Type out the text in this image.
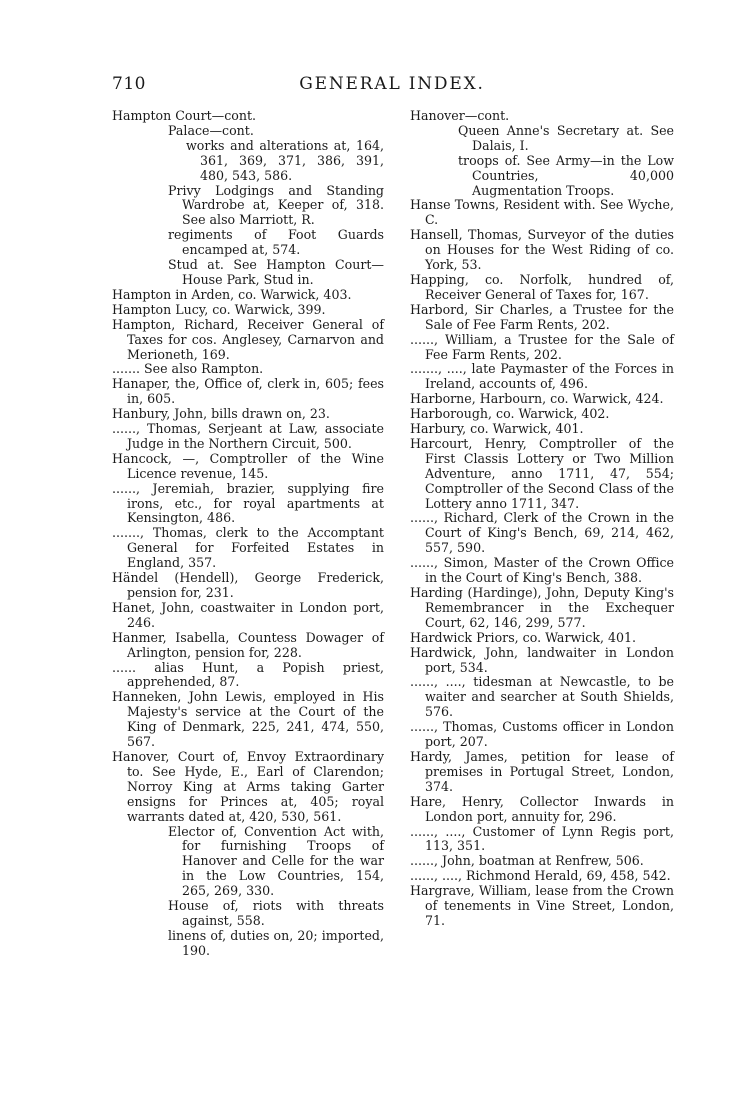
710	GENERAL INDEX.

Hampton Court—cont.

Palace—cont.

works and alterations at, 164, 361, 369, 371, 386, 391, 480, 543, 586.

Privy Lodgings and Standing Wardrobe at, Keeper of, 318. See also Marriott, R.

regiments of Foot Guards encamped at, 574.

Stud at. See Hampton Court—House Park, Stud in.

Hampton in Arden, co. Warwick, 403.

Hampton Lucy, co. Warwick, 399.

Hampton, Richard, Receiver General of Taxes for cos. Anglesey, Carnarvon and Merioneth, 169.

....... See also Rampton.

Hanaper, the, Office of, clerk in, 605; fees in, 605.

Hanbury, John, bills drawn on, 23.

......, Thomas, Serjeant at Law, associate Judge in the Northern Circuit, 500.

Hancock, —, Comptroller of the Wine Licence revenue, 145.

......, Jeremiah, brazier, supplying fire irons, etc., for royal apartments at Kensington, 486.

......., Thomas, clerk to the Accomptant General for Forfeited Estates in England, 357.

Händel (Hendell), George Frederick, pension for, 231.

Hanet, John, coastwaiter in London port, 246.

Hanmer, Isabella, Countess Dowager of Arlington, pension for, 228.

...... alias Hunt, a Popish priest, apprehended, 87.

Hanneken, John Lewis, employed in His Majesty's service at the Court of the King of Denmark, 225, 241, 474, 550, 567.

Hanover, Court of, Envoy Extraordinary to. See Hyde, E., Earl of Clarendon; Norroy King at Arms taking Garter ensigns for Princes at, 405; royal warrants dated at, 420, 530, 561.

Elector of, Convention Act with, for furnishing Troops of Hanover and Celle for the war in the Low Countries, 154, 265, 269, 330.

House of, riots with threats against, 558.

linens of, duties on, 20; imported, 190.

Hanover—cont.

Queen Anne's Secretary at. See Dalais, I.

troops of. See Army—in the Low Countries, 40,000 Augmentation Troops.

Hanse Towns, Resident with. See Wyche, C.

Hansell, Thomas, Surveyor of the duties on Houses for the West Riding of co. York, 53.

Happing, co. Norfolk, hundred of, Receiver General of Taxes for, 167.

Harbord, Sir Charles, a Trustee for the Sale of Fee Farm Rents, 202.

......, William, a Trustee for the Sale of Fee Farm Rents, 202.

......., ...., late Paymaster of the Forces in Ireland, accounts of, 496.

Harborne, Harbourn, co. Warwick, 424.

Harborough, co. Warwick, 402.

Harbury, co. Warwick, 401.

Harcourt, Henry, Comptroller of the First Classis Lottery or Two Million Adventure, anno 1711, 47, 554; Comptroller of the Second Class of the Lottery anno 1711, 347.

......, Richard, Clerk of the Crown in the Court of King's Bench, 69, 214, 462, 557, 590.

......, Simon, Master of the Crown Office in the Court of King's Bench, 388.

Harding (Hardinge), John, Deputy King's Remembrancer in the Exchequer Court, 62, 146, 299, 577.

Hardwick Priors, co. Warwick, 401.

Hardwick, John, landwaiter in London port, 534.

......, ...., tidesman at Newcastle, to be waiter and searcher at South Shields, 576.

......, Thomas, Customs officer in London port, 207.

Hardy, James, petition for lease of premises in Portugal Street, London, 374.

Hare, Henry, Collector Inwards in London port, annuity for, 296.

......, ...., Customer of Lynn Regis port, 113, 351.

......, John, boatman at Renfrew, 506.

......, ...., Richmond Herald, 69, 458, 542.

Hargrave, William, lease from the Crown of tenements in Vine Street, London, 71.
